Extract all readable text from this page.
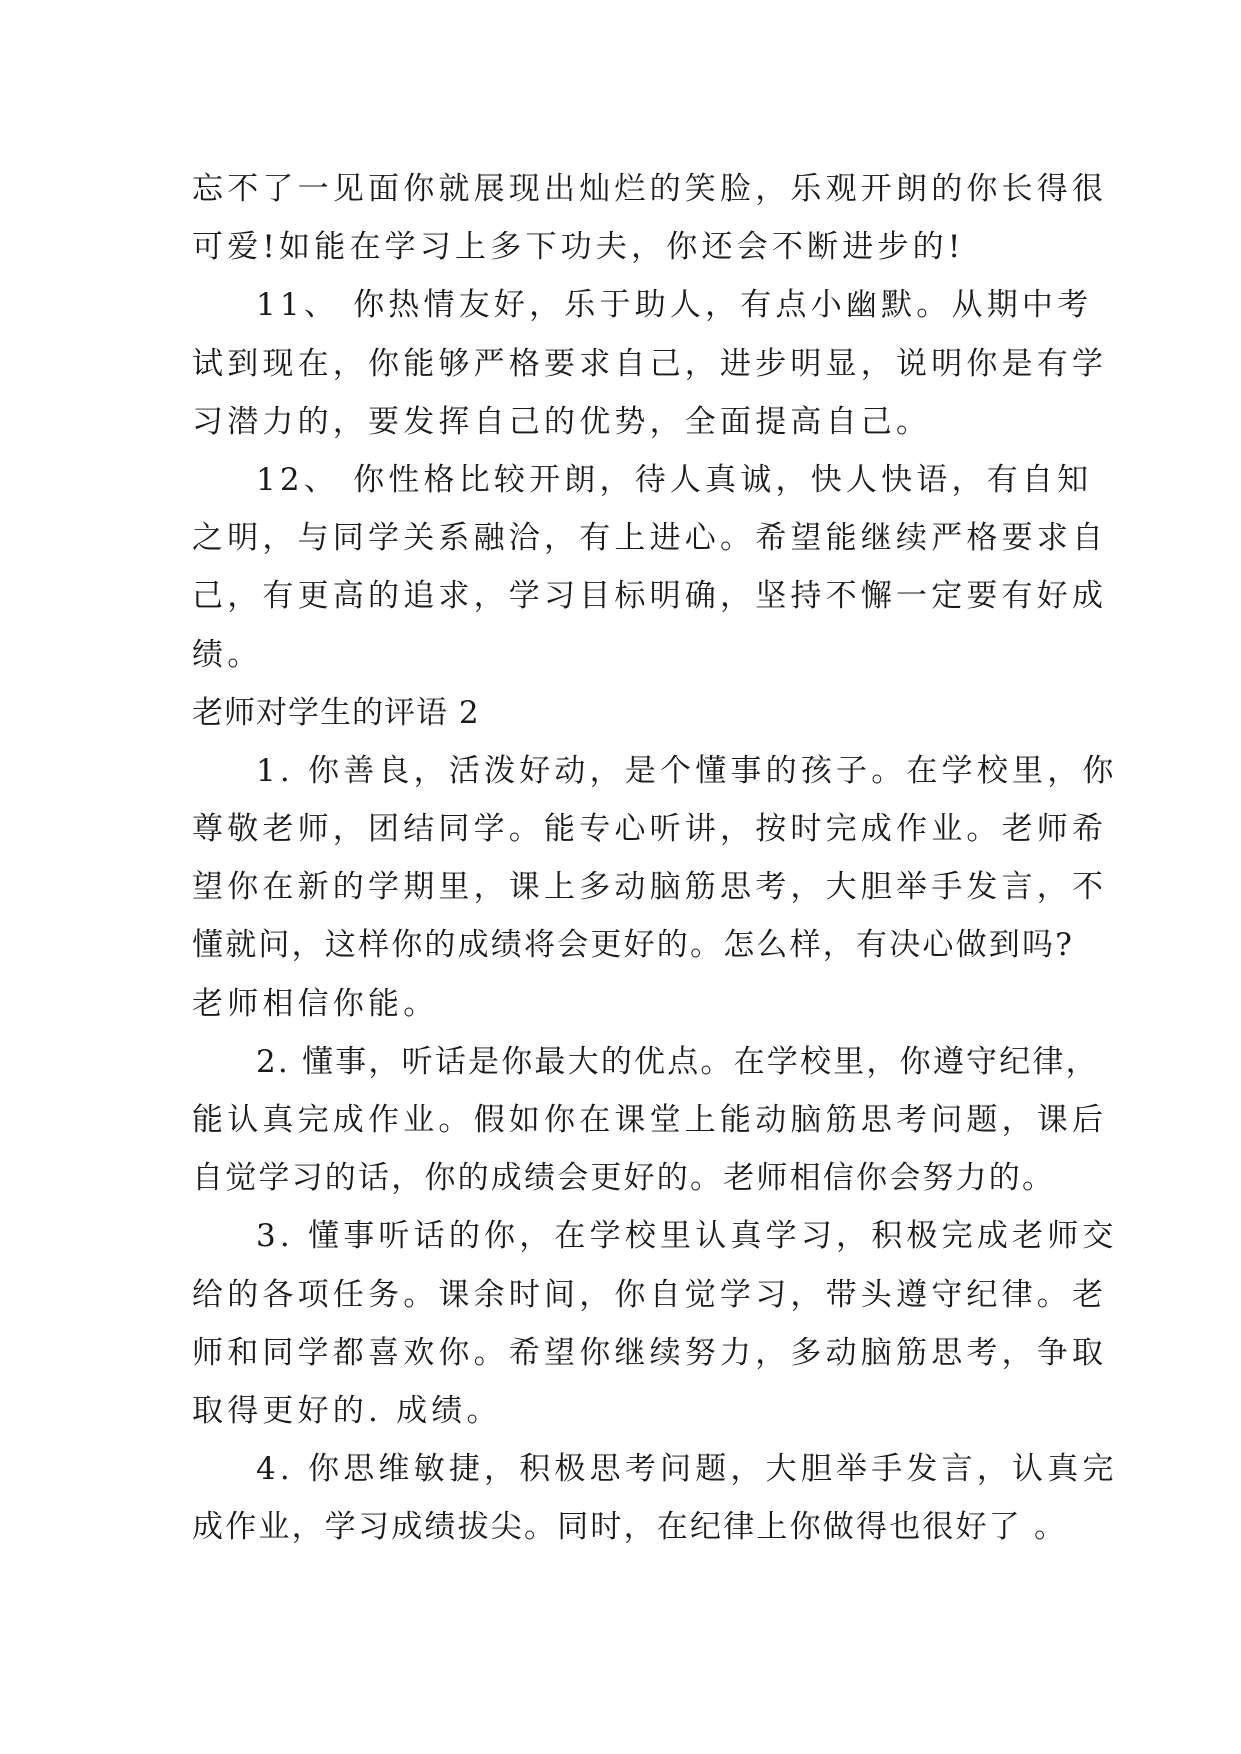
忘不了一见面你就展现出灿烂的笑脸，乐观开朗的你长得很
可爱!如能在学习上多下功夫，你还会不断进步的!
11、 你热情友好，乐于助人，有点小幽默。从期中考
试到现在，你能够严格要求自己，进步明显，说明你是有学
习潜力的，要发挥自己的优势，全面提高自己。
12、 你性格比较开朗，待人真诚，快人快语，有自知
之明，与同学关系融洽，有上进心。希望能继续严格要求自
己，有更高的追求，学习目标明确，坚持不懈一定要有好成
绩。
老师对学生的评语 2
1. 你善良，活泼好动，是个懂事的孩子。在学校里，你
尊敬老师，团结同学。能专心听讲，按时完成作业。老师希
望你在新的学期里，课上多动脑筋思考，大胆举手发言，不
懂就问，这样你的成绩将会更好的。怎么样，有决心做到吗?
老师相信你能。
2. 懂事，听话是你最大的优点。在学校里，你遵守纪律，
能认真完成作业。假如你在课堂上能动脑筋思考问题，课后
自觉学习的话，你的成绩会更好的。老师相信你会努力的。
3. 懂事听话的你，在学校里认真学习，积极完成老师交
给的各项任务。课余时间，你自觉学习，带头遵守纪律。老
师和同学都喜欢你。希望你继续努力，多动脑筋思考，争取
取得更好的. 成绩。
4. 你思维敏捷，积极思考问题，大胆举手发言，认真完
成作业，学习成绩拔尖。同时，在纪律上你做得也很好了 。
